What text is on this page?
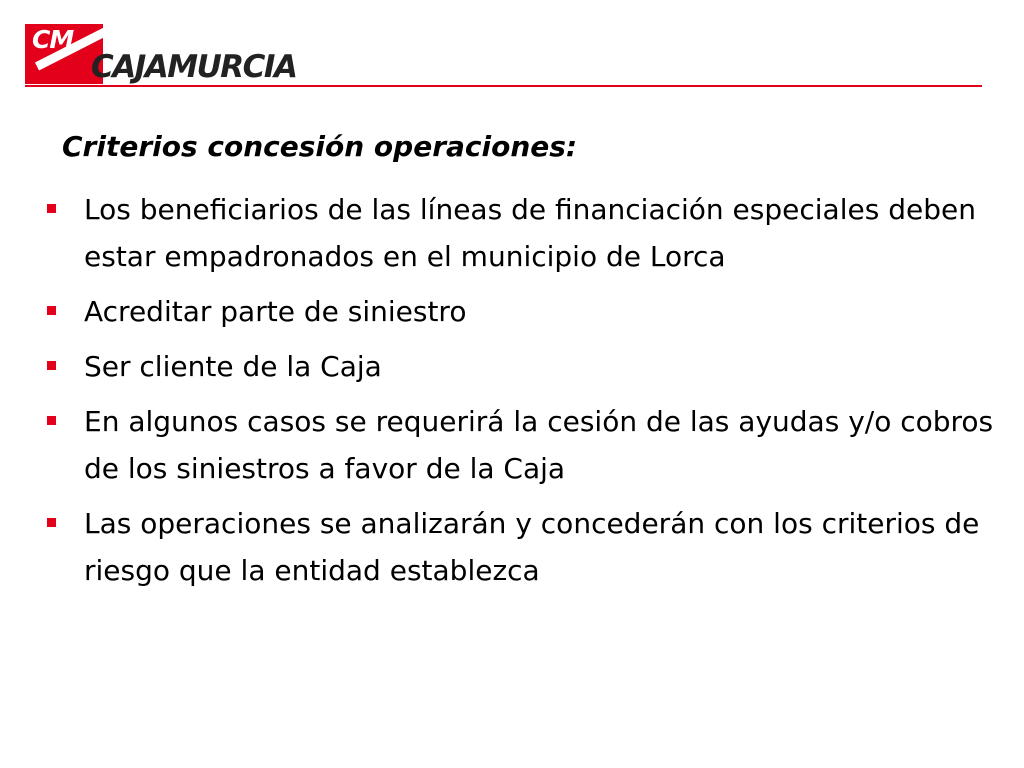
CM
CAJAMURCIA
Criterios concesión operaciones:
Los beneficiarios de las líneas de financiación especiales deben estar empadronados en el municipio de Lorca
Acreditar parte de siniestro
Ser cliente de la Caja
En algunos casos se requerirá la cesión de las ayudas y/o cobros de los siniestros a favor de la Caja
Las operaciones se analizarán y concederán con los criterios de riesgo que la entidad establezca
